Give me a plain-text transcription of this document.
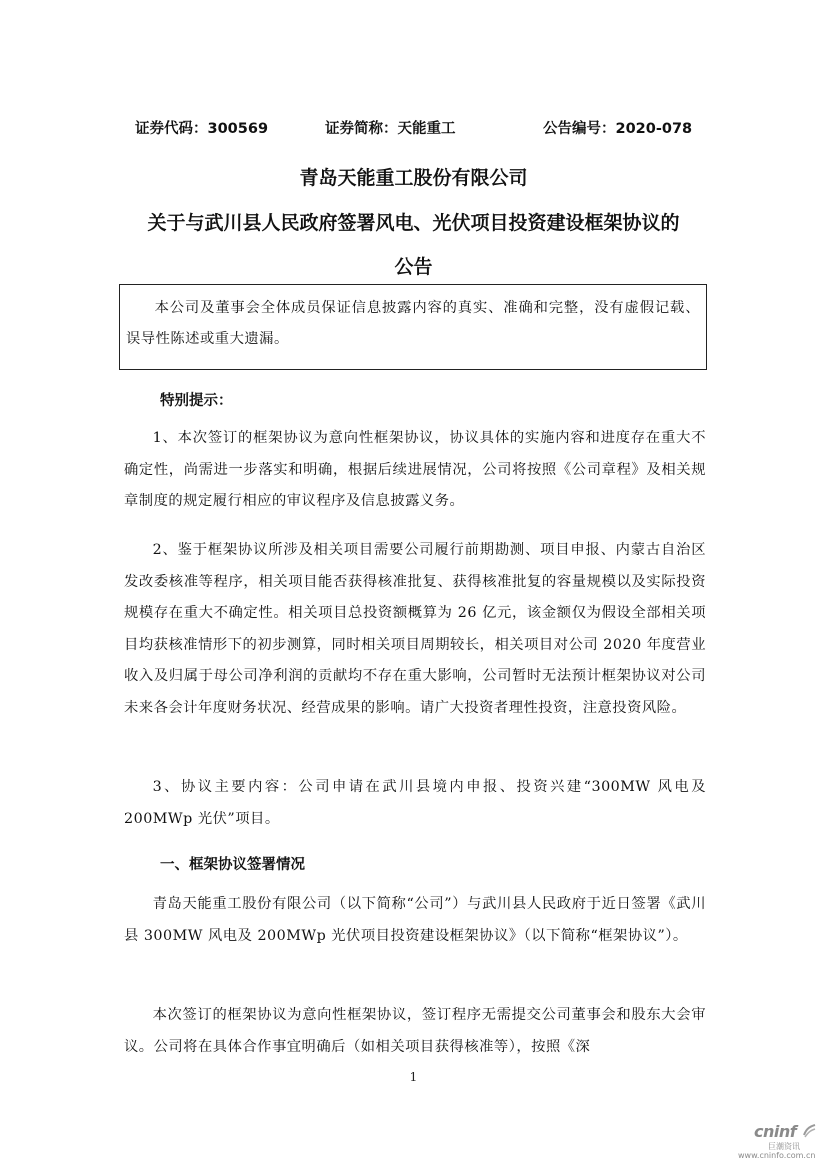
证券代码：300569	证券简称：天能重工	公告编号：2020-078
青岛天能重工股份有限公司
关于与武川县人民政府签署风电、光伏项目投资建设框架协议的
公告
本公司及董事会全体成员保证信息披露内容的真实、准确和完整，没有虚假记载、误导性陈述或重大遗漏。
特别提示：
1、本次签订的框架协议为意向性框架协议，协议具体的实施内容和进度存在重大不确定性，尚需进一步落实和明确，根据后续进展情况，公司将按照《公司章程》及相关规章制度的规定履行相应的审议程序及信息披露义务。
2、鉴于框架协议所涉及相关项目需要公司履行前期勘测、项目申报、内蒙古自治区发改委核准等程序，相关项目能否获得核准批复、获得核准批复的容量规模以及实际投资规模存在重大不确定性。相关项目总投资额概算为 26 亿元，该金额仅为假设全部相关项目均获核准情形下的初步测算，同时相关项目周期较长，相关项目对公司 2020 年度营业收入及归属于母公司净利润的贡献均不存在重大影响，公司暂时无法预计框架协议对公司未来各会计年度财务状况、经营成果的影响。请广大投资者理性投资，注意投资风险。
3、协议主要内容：公司申请在武川县境内申报、投资兴建“300MW 风电及 200MWp 光伏”项目。
一、框架协议签署情况
青岛天能重工股份有限公司（以下简称“公司”）与武川县人民政府于近日签署《武川县 300MW 风电及 200MWp 光伏项目投资建设框架协议》（以下简称“框架协议”）。
本次签订的框架协议为意向性框架协议，签订程序无需提交公司董事会和股东大会审议。公司将在具体合作事宜明确后（如相关项目获得核准等），按照《深
1
cninf
巨潮资讯
www.cninfo.com.cn
